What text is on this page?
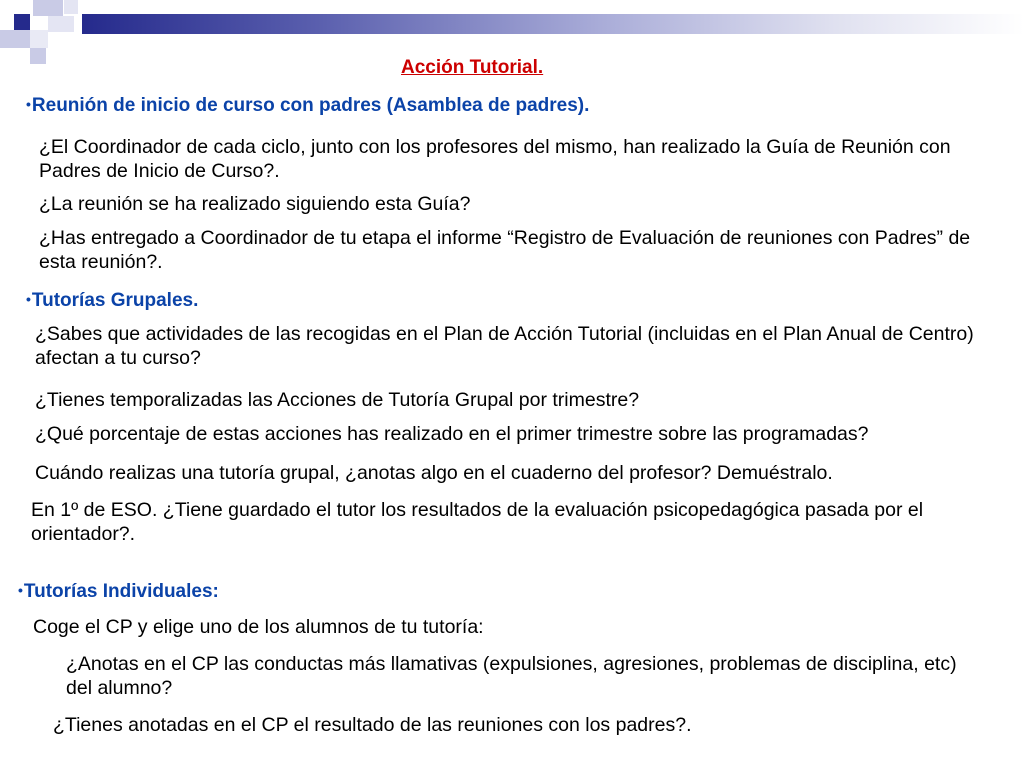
Acción Tutorial.
•Reunión de inicio de curso con padres (Asamblea de padres).
¿El Coordinador de cada ciclo, junto con los profesores del mismo, han realizado la Guía de Reunión con Padres de Inicio de Curso?.
¿La reunión se ha realizado siguiendo esta Guía?
¿Has entregado a Coordinador de tu etapa el informe “Registro de Evaluación de reuniones con Padres” de esta reunión?.
•Tutorías Grupales.
¿Sabes que actividades de las recogidas en el Plan de Acción Tutorial (incluidas en el Plan Anual de Centro) afectan a tu curso?
¿Tienes temporalizadas las Acciones de Tutoría Grupal por trimestre?
¿Qué porcentaje de estas acciones has realizado en el primer trimestre sobre las programadas?
Cuándo realizas una tutoría grupal, ¿anotas algo en el cuaderno del profesor? Demuéstralo.
En 1º de ESO. ¿Tiene guardado el tutor los resultados de la evaluación psicopedagógica pasada por el orientador?.
•Tutorías Individuales:
Coge el CP y elige uno de los alumnos de tu tutoría:
¿Anotas en el CP las conductas más llamativas (expulsiones, agresiones, problemas de disciplina, etc) del alumno?
¿Tienes anotadas en el CP el resultado de las reuniones con los padres?.
